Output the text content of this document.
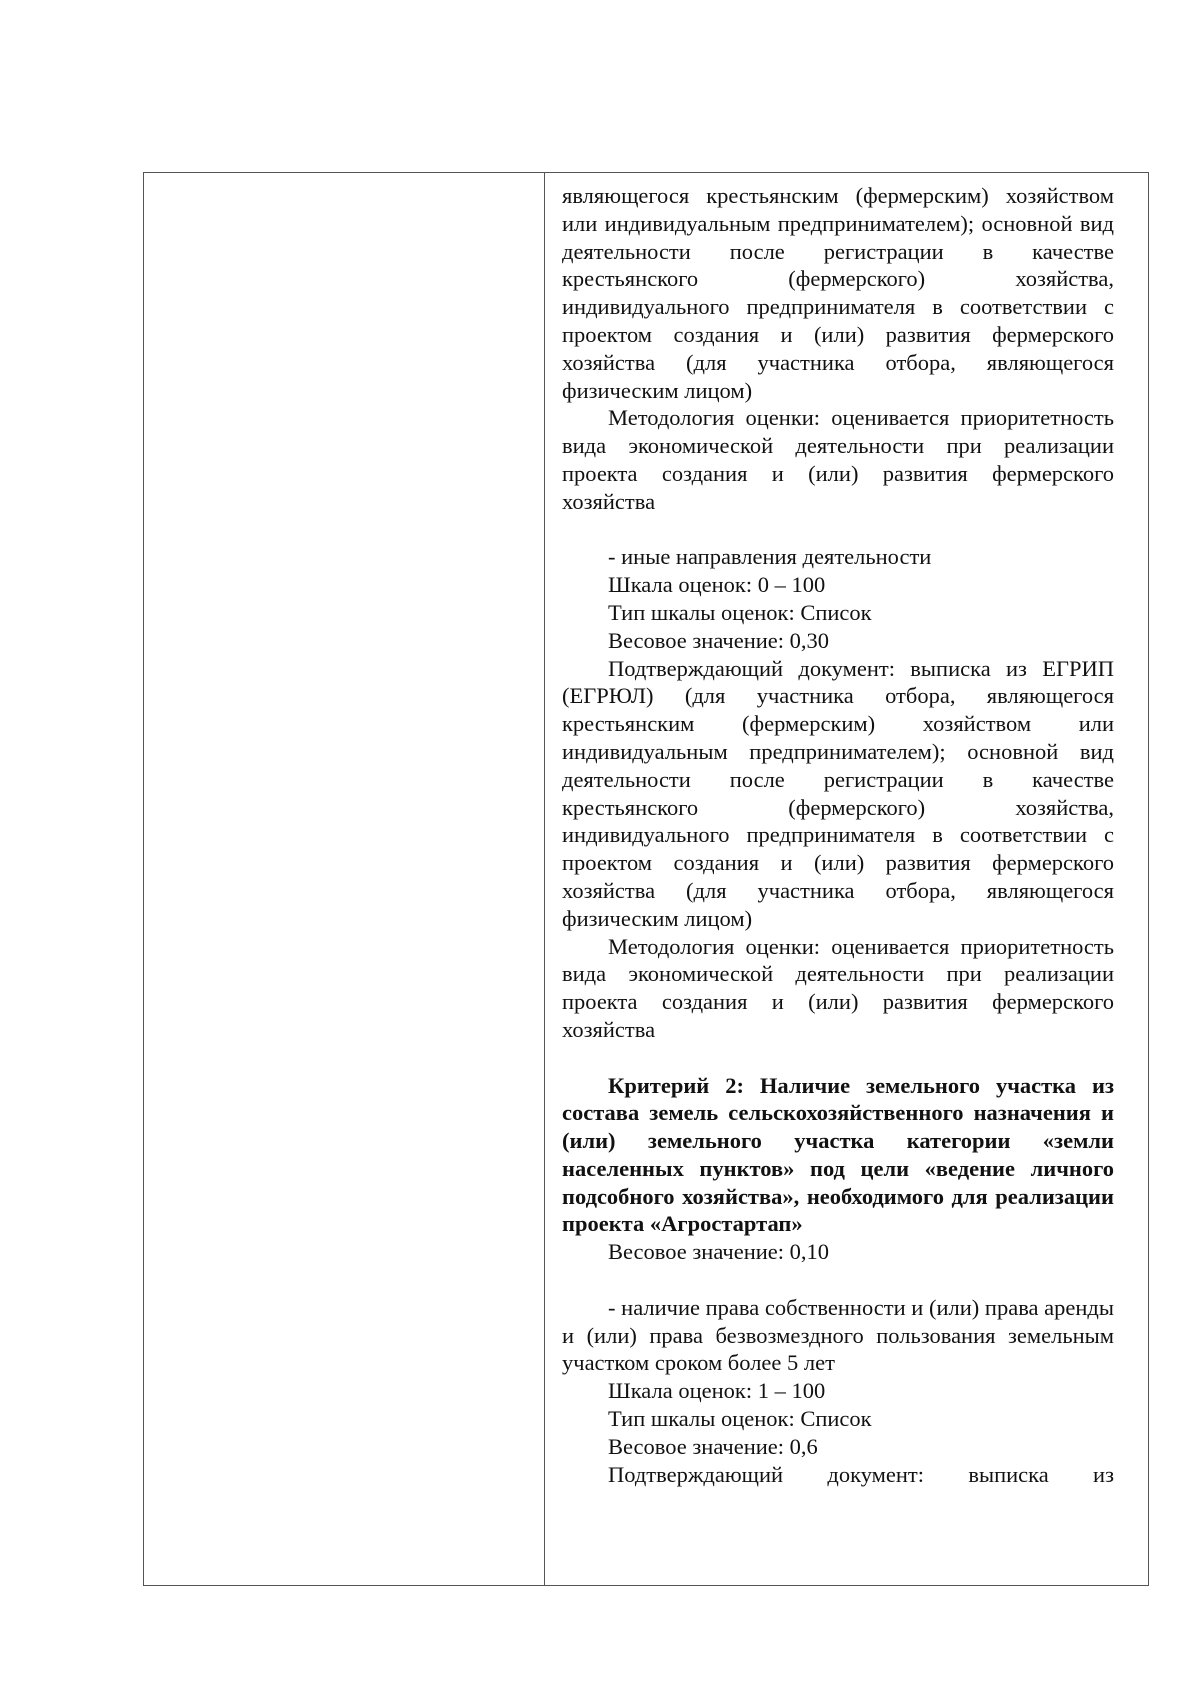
являющегося крестьянским (фермерским) хозяйством или индивидуальным предпринимателем); основной вид деятельности после регистрации в качестве крестьянского (фермерского) хозяйства, индивидуального предпринимателя в соответствии с проектом создания и (или) развития фермерского хозяйства (для участника отбора, являющегося физическим лицом)

Методология оценки: оценивается приоритетность вида экономической деятельности при реализации проекта создания и (или) развития фермерского хозяйства

- иные направления деятельности

Шкала оценок: 0 – 100

Тип шкалы оценок: Список

Весовое значение: 0,30

Подтверждающий документ: выписка из ЕГРИП (ЕГРЮЛ) (для участника отбора, являющегося крестьянским (фермерским) хозяйством или индивидуальным предпринимателем); основной вид деятельности после регистрации в качестве крестьянского (фермерского) хозяйства, индивидуального предпринимателя в соответствии с проектом создания и (или) развития фермерского хозяйства (для участника отбора, являющегося физическим лицом)

Методология оценки: оценивается приоритетность вида экономической деятельности при реализации проекта создания и (или) развития фермерского хозяйства

Критерий 2: Наличие земельного участка из состава земель сельскохозяйственного назначения и (или) земельного участка категории «земли населенных пунктов» под цели «ведение личного подсобного хозяйства», необходимого для реализации проекта «Агростартап»

Весовое значение: 0,10

- наличие права собственности и (или) права аренды и (или) права безвозмездного пользования земельным участком сроком более 5 лет

Шкала оценок: 1 – 100

Тип шкалы оценок: Список

Весовое значение: 0,6

Подтверждающий документ: выписка из
